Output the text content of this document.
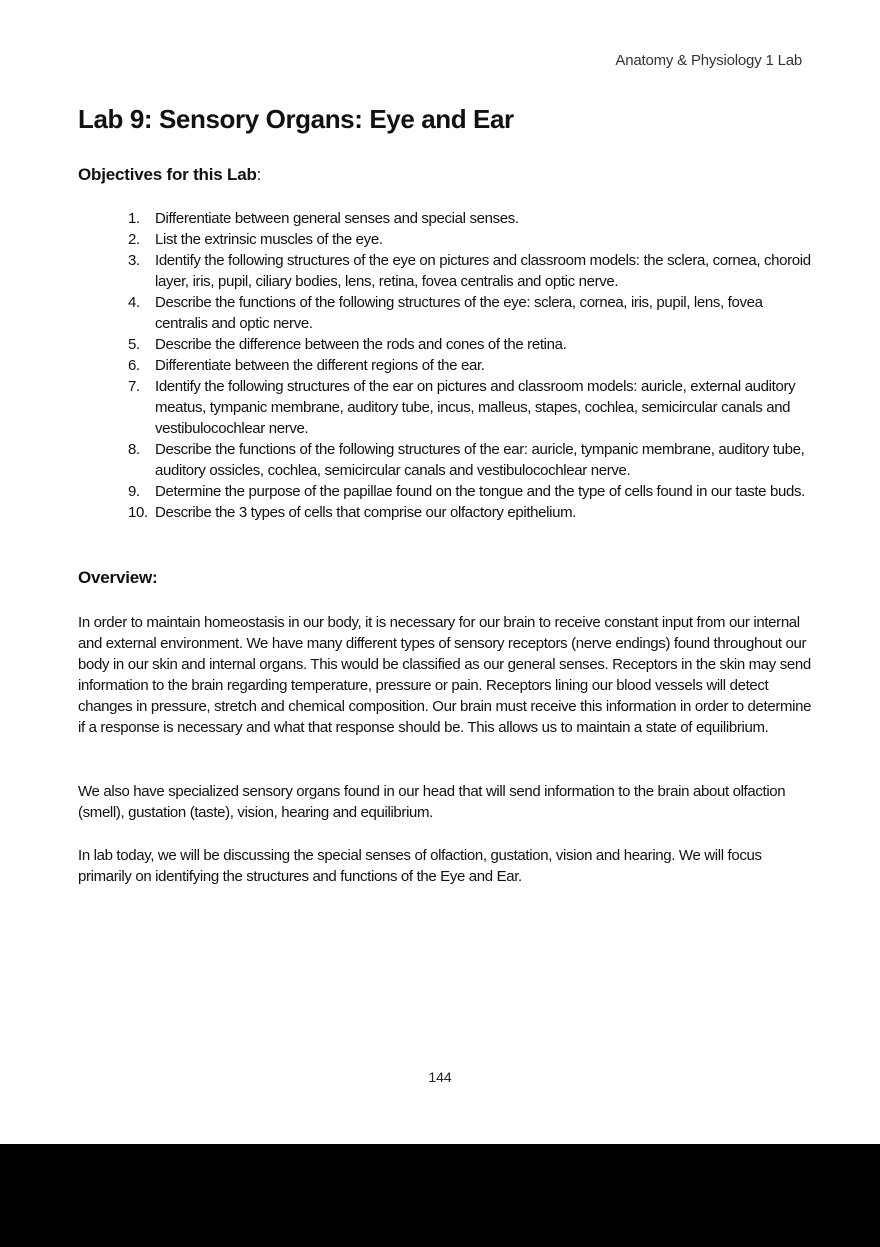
Anatomy & Physiology 1 Lab
Lab 9: Sensory Organs: Eye and Ear
Objectives for this Lab:
1. Differentiate between general senses and special senses.
2. List the extrinsic muscles of the eye.
3. Identify the following structures of the eye on pictures and classroom models: the sclera, cornea, choroid layer, iris, pupil, ciliary bodies, lens, retina, fovea centralis and optic nerve.
4. Describe the functions of the following structures of the eye: sclera, cornea, iris, pupil, lens, fovea centralis and optic nerve.
5. Describe the difference between the rods and cones of the retina.
6. Differentiate between the different regions of the ear.
7. Identify the following structures of the ear on pictures and classroom models: auricle, external auditory meatus, tympanic membrane, auditory tube, incus, malleus, stapes, cochlea, semicircular canals and vestibulocochlear nerve.
8. Describe the functions of the following structures of the ear: auricle, tympanic membrane, auditory tube, auditory ossicles, cochlea, semicircular canals and vestibulocochlear nerve.
9. Determine the purpose of the papillae found on the tongue and the type of cells found in our taste buds.
10. Describe the 3 types of cells that comprise our olfactory epithelium.
Overview:

In order to maintain homeostasis in our body, it is necessary for our brain to receive constant input from our internal and external environment. We have many different types of sensory receptors (nerve endings) found throughout our body in our skin and internal organs. This would be classified as our general senses. Receptors in the skin may send information to the brain regarding temperature, pressure or pain. Receptors lining our blood vessels will detect changes in pressure, stretch and chemical composition. Our brain must receive this information in order to determine if a response is necessary and what that response should be. This allows us to maintain a state of equilibrium.

We also have specialized sensory organs found in our head that will send information to the brain about olfaction (smell), gustation (taste), vision, hearing and equilibrium.

In lab today, we will be discussing the special senses of olfaction, gustation, vision and hearing. We will focus primarily on identifying the structures and functions of the Eye and Ear.

144
